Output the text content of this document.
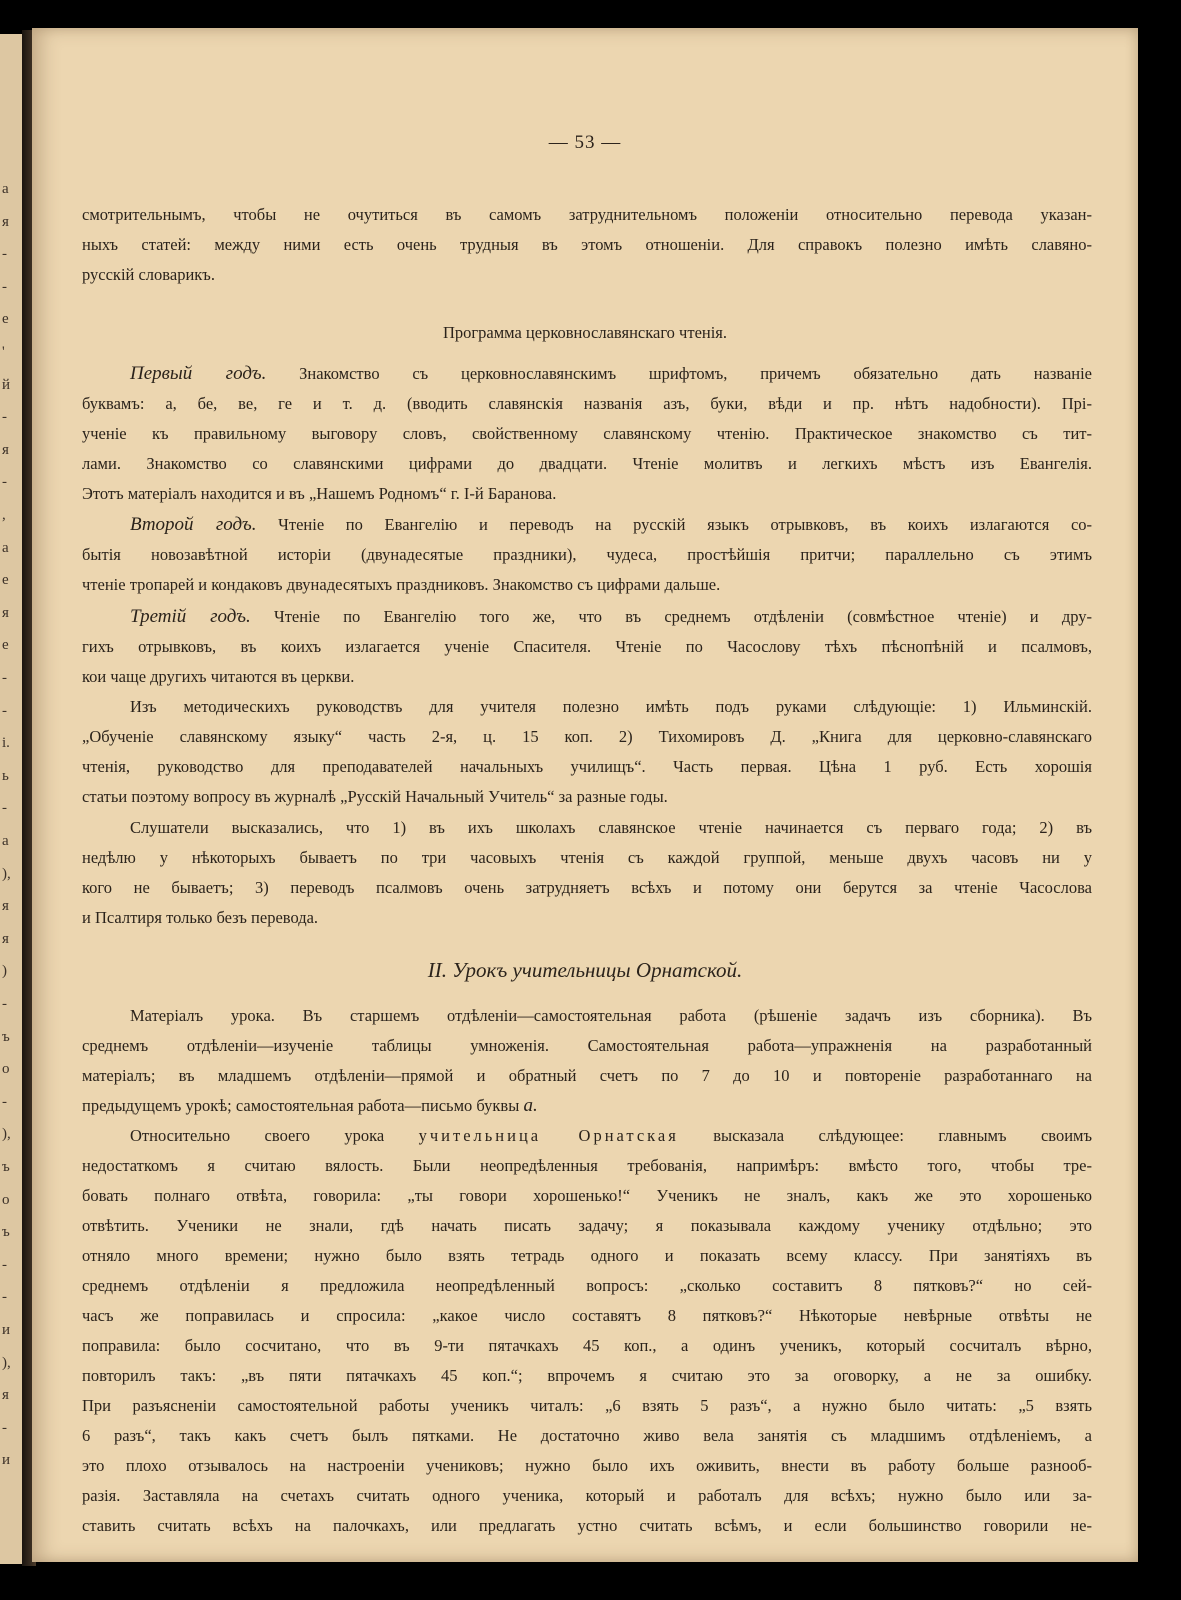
а
я
-
-
е
'
й
-
я
-
,
а
е
я
е
-
-
і.
ь
-
а
),
я
я
)
-
ъ
о
-
),
ъ
о
ъ
-
-
и
),
я
-
и
— 53 —
смотрительнымъ, чтобы не очутиться въ самомъ затруднительномъ положеніи относительно перевода указан-
ныхъ статей: между ними есть очень трудныя въ этомъ отношеніи. Для справокъ полезно имѣть славяно-
русскій словарикъ.
Программа церковнославянскаго чтенія.
Первый годъ. Знакомство съ церковнославянскимъ шрифтомъ, причемъ обязательно дать названіе
буквамъ: а, бе, ве, ге и т. д. (вводить славянскія названія азъ, буки, вѣди и пр. нѣтъ надобности). Прі-
ученіе къ правильному выговору словъ, свойственному славянскому чтенію. Практическое знакомство съ тит-
лами. Знакомство со славянскими цифрами до двадцати. Чтеніе молитвъ и легкихъ мѣстъ изъ Евангелія.
Этотъ матеріалъ находится и въ „Нашемъ Родномъ“ г. І-й Баранова.
Второй годъ. Чтеніе по Евангелію и переводъ на русскій языкъ отрывковъ, въ коихъ излагаются со-
бытія новозавѣтной исторіи (двунадесятые праздники), чудеса, простѣйшія притчи; параллельно съ этимъ
чтеніе тропарей и кондаковъ двунадесятыхъ праздниковъ. Знакомство съ цифрами дальше.
Третій годъ. Чтеніе по Евангелію того же, что въ среднемъ отдѣленіи (совмѣстное чтеніе) и дру-
гихъ отрывковъ, въ коихъ излагается ученіе Спасителя. Чтеніе по Часослову тѣхъ пѣснопѣній и псалмовъ,
кои чаще другихъ читаются въ церкви.
Изъ методическихъ руководствъ для учителя полезно имѣть подъ руками слѣдующіе: 1) Ильминскій.
„Обученіе славянскому языку“ часть 2-я, ц. 15 коп. 2) Тихомировъ Д. „Книга для церковно-славянскаго
чтенія, руководство для преподавателей начальныхъ училищъ“. Часть первая. Цѣна 1 руб. Есть хорошія
статьи поэтому вопросу въ журналѣ „Русскій Начальный Учитель“ за разные годы.
Слушатели высказались, что 1) въ ихъ школахъ славянское чтеніе начинается съ перваго года; 2) въ
недѣлю у нѣкоторыхъ бываетъ по три часовыхъ чтенія съ каждой группой, меньше двухъ часовъ ни у
кого не бываетъ; 3) переводъ псалмовъ очень затрудняетъ всѣхъ и потому они берутся за чтеніе Часослова
и Псалтиря только безъ перевода.
II. Урокъ учительницы Орнатской.
Матеріалъ урока. Въ старшемъ отдѣленіи—самостоятельная работа (рѣшеніе задачъ изъ сборника). Въ
среднемъ отдѣленіи—изученіе таблицы умноженія. Самостоятельная работа—упражненія на разработанный
матеріалъ; въ младшемъ отдѣленіи—прямой и обратный счетъ по 7 до 10 и повтореніе разработаннаго на
предыдущемъ урокѣ; самостоятельная работа—письмо буквы а.
Относительно своего урока учительница Орнатская высказала слѣдующее: главнымъ своимъ
недостаткомъ я считаю вялость. Были неопредѣленныя требованія, напримѣръ: вмѣсто того, чтобы тре-
бовать полнаго отвѣта, говорила: „ты говори хорошенько!“ Ученикъ не зналъ, какъ же это хорошенько
отвѣтить. Ученики не знали, гдѣ начать писать задачу; я показывала каждому ученику отдѣльно; это
отняло много времени; нужно было взять тетрадь одного и показать всему классу. При занятіяхъ въ
среднемъ отдѣленіи я предложила неопредѣленный вопросъ: „сколько составитъ 8 пятковъ?“ но сей-
часъ же поправилась и спросила: „какое число составятъ 8 пятковъ?“ Нѣкоторые невѣрные отвѣты не
поправила: было сосчитано, что въ 9-ти пятачкахъ 45 коп., а одинъ ученикъ, который сосчиталъ вѣрно,
повторилъ такъ: „въ пяти пятачкахъ 45 коп.“; впрочемъ я считаю это за оговорку, а не за ошибку.
При разъясненіи самостоятельной работы ученикъ читалъ: „6 взять 5 разъ“, а нужно было читать: „5 взять
6 разъ“, такъ какъ счетъ былъ пятками. Не достаточно живо вела занятія съ младшимъ отдѣленіемъ, а
это плохо отзывалось на настроеніи учениковъ; нужно было ихъ оживить, внести въ работу больше разнооб-
разія. Заставляла на счетахъ считать одного ученика, который и работалъ для всѣхъ; нужно было или за-
ставить считать всѣхъ на палочкахъ, или предлагать устно считать всѣмъ, и если большинство говорили не-
